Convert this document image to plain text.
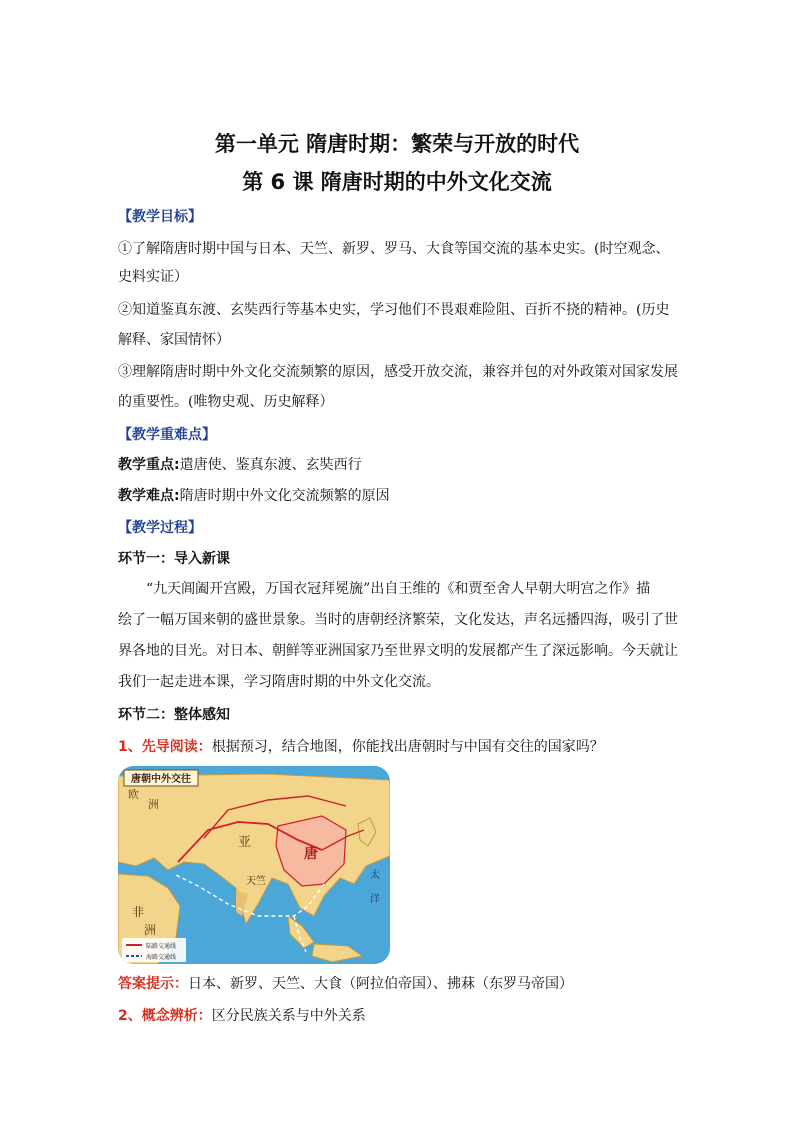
第一单元 隋唐时期：繁荣与开放的时代
第 6 课 隋唐时期的中外文化交流
【教学目标】
①了解隋唐时期中国与日本、天竺、新罗、罗马、大食等国交流的基本史实。(时空观念、
史料实证）
②知道鉴真东渡、玄奘西行等基本史实，学习他们不畏艰难险阻、百折不挠的精神。(历史
解释、家国情怀）
③理解隋唐时期中外文化交流频繁的原因，感受开放交流，兼容并包的对外政策对国家发展
的重要性。(唯物史观、历史解释）
【教学重难点】
教学重点:遣唐使、鉴真东渡、玄奘西行
教学难点:隋唐时期中外文化交流频繁的原因
【教学过程】
环节一：导入新课
“九天阊阖开宫殿，万国衣冠拜冕旒”出自王维的《和贾至舍人早朝大明宫之作》描
绘了一幅万国来朝的盛世景象。当时的唐朝经济繁荣，文化发达，声名远播四海，吸引了世
界各地的目光。对日本、朝鲜等亚洲国家乃至世界文明的发展都产生了深远影响。今天就让
我们一起走进本课，学习隋唐时期的中外文化交流。
环节二：整体感知
1、先导阅读：根据预习，结合地图，你能找出唐朝时与中国有交往的国家吗？
唐朝中外交往
欧
洲
亚
唐
天竺
非
洲
太
洋
陆路交通线
海路交通线
答案提示：日本、新罗、天竺、大食（阿拉伯帝国）、拂菻（东罗马帝国）
2、概念辨析：区分民族关系与中外关系
